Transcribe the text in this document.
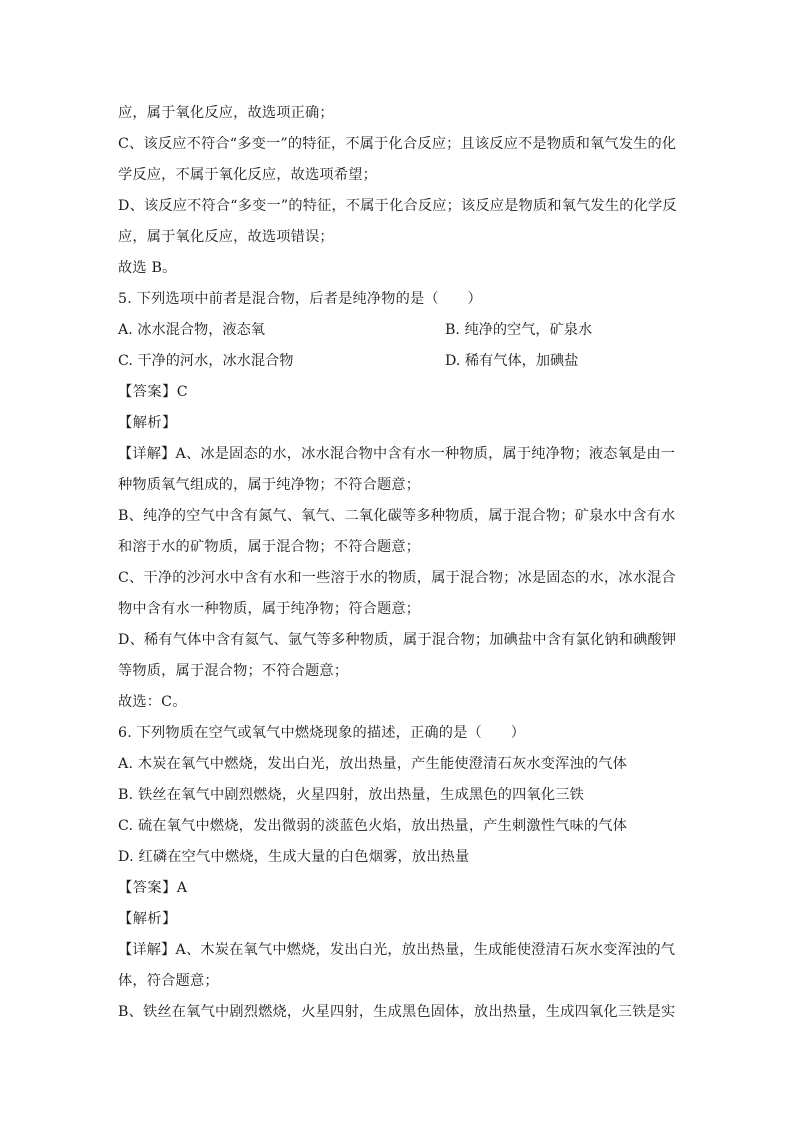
应，属于氧化反应，故选项正确；
C、该反应不符合“多变一”的特征，不属于化合反应；且该反应不是物质和氧气发生的化
学反应，不属于氧化反应，故选项希望；
D、该反应不符合“多变一”的特征，不属于化合反应；该反应是物质和氧气发生的化学反
应，属于氧化反应，故选项错误；
故选 B。
5. 下列选项中前者是混合物，后者是纯净物的是（　　）
A. 冰水混合物，液态氧	B. 纯净的空气，矿泉水
C. 干净的河水，冰水混合物	D. 稀有气体，加碘盐
【答案】C
【解析】
【详解】A、冰是固态的水，冰水混合物中含有水一种物质，属于纯净物；液态氧是由一
种物质氧气组成的，属于纯净物；不符合题意；
B、纯净的空气中含有氮气、氧气、二氧化碳等多种物质，属于混合物；矿泉水中含有水
和溶于水的矿物质，属于混合物；不符合题意；
C、干净的沙河水中含有水和一些溶于水的物质，属于混合物；冰是固态的水，冰水混合
物中含有水一种物质，属于纯净物；符合题意；
D、稀有气体中含有氦气、氩气等多种物质，属于混合物；加碘盐中含有氯化钠和碘酸钾
等物质，属于混合物；不符合题意；
故选：C。
6. 下列物质在空气或氧气中燃烧现象的描述，正确的是（　　）
A. 木炭在氧气中燃烧，发出白光，放出热量，产生能使澄清石灰水变浑浊的气体
B. 铁丝在氧气中剧烈燃烧，火星四射，放出热量，生成黑色的四氧化三铁
C. 硫在氧气中燃烧，发出微弱的淡蓝色火焰，放出热量，产生刺激性气味的气体
D. 红磷在空气中燃烧，生成大量的白色烟雾，放出热量
【答案】A
【解析】
【详解】A、木炭在氧气中燃烧，发出白光，放出热量，生成能使澄清石灰水变浑浊的气
体，符合题意；
B、铁丝在氧气中剧烈燃烧，火星四射，生成黑色固体，放出热量，生成四氧化三铁是实
